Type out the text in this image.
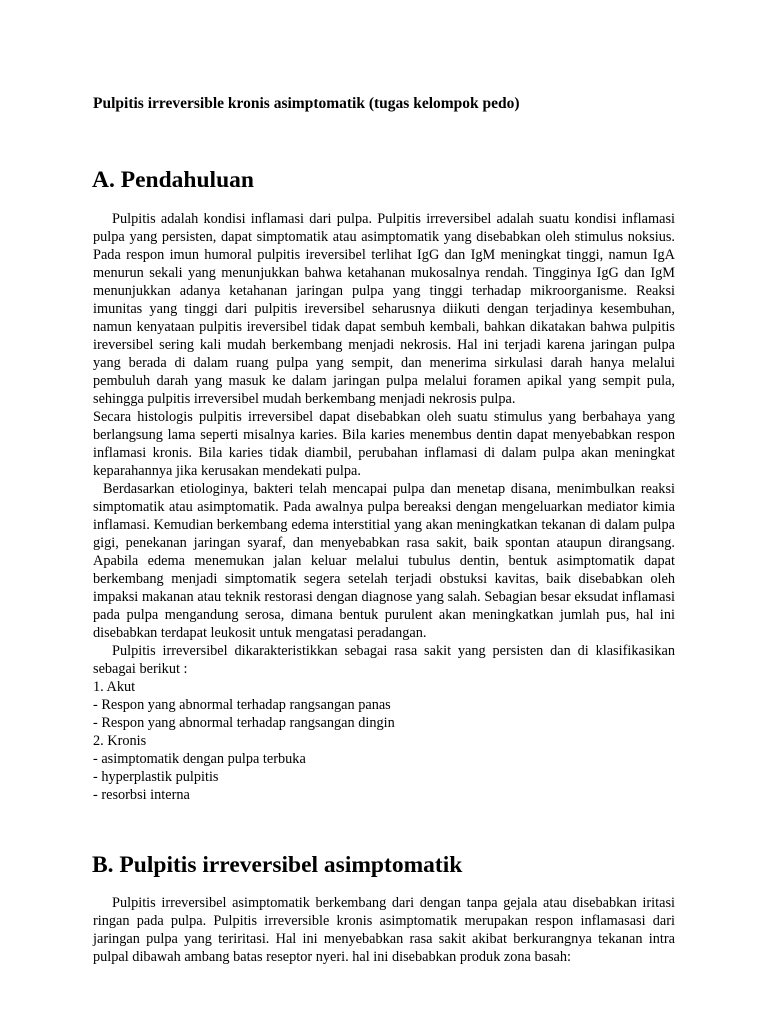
Pulpitis irreversible kronis asimptomatik (tugas kelompok pedo)
A. Pendahuluan

Pulpitis adalah kondisi inflamasi dari pulpa. Pulpitis irreversibel adalah suatu kondisi inflamasi pulpa yang persisten, dapat simptomatik atau asimptomatik yang disebabkan oleh stimulus noksius. Pada respon imun humoral pulpitis ireversibel terlihat IgG dan IgM meningkat tinggi, namun IgA menurun sekali yang menunjukkan bahwa ketahanan mukosalnya rendah. Tingginya IgG dan IgM menunjukkan adanya ketahanan jaringan pulpa yang tinggi terhadap mikroorganisme. Reaksi imunitas yang tinggi dari pulpitis ireversibel seharusnya diikuti dengan terjadinya kesembuhan, namun kenyataan pulpitis ireversibel tidak dapat sembuh kembali, bahkan dikatakan bahwa pulpitis ireversibel sering kali mudah berkembang menjadi nekrosis. Hal ini terjadi karena jaringan pulpa yang berada di dalam ruang pulpa yang sempit, dan menerima sirkulasi darah hanya melalui pembuluh darah yang masuk ke dalam jaringan pulpa melalui foramen apikal yang sempit pula, sehingga pulpitis irreversibel mudah berkembang menjadi nekrosis pulpa.

Secara histologis pulpitis irreversibel dapat disebabkan oleh suatu stimulus yang berbahaya yang berlangsung lama seperti misalnya karies. Bila karies menembus dentin dapat menyebabkan respon inflamasi kronis. Bila karies tidak diambil, perubahan inflamasi di dalam pulpa akan meningkat keparahannya jika kerusakan mendekati pulpa.

Berdasarkan etiologinya, bakteri telah mencapai pulpa dan menetap disana, menimbulkan reaksi simptomatik atau asimptomatik. Pada awalnya pulpa bereaksi dengan mengeluarkan mediator kimia inflamasi. Kemudian berkembang edema interstitial yang akan meningkatkan tekanan di dalam pulpa gigi, penekanan jaringan syaraf, dan menyebabkan rasa sakit, baik spontan ataupun dirangsang. Apabila edema menemukan jalan keluar melalui tubulus dentin, bentuk asimptomatik dapat berkembang menjadi simptomatik segera setelah terjadi obstuksi kavitas, baik disebabkan oleh impaksi makanan atau teknik restorasi dengan diagnose yang salah. Sebagian besar eksudat inflamasi pada pulpa mengandung serosa, dimana bentuk purulent akan meningkatkan jumlah pus, hal ini disebabkan terdapat leukosit untuk mengatasi peradangan.

Pulpitis irreversibel dikarakteristikkan sebagai rasa sakit yang persisten dan di klasifikasikan sebagai berikut :

1. Akut

- Respon yang abnormal terhadap rangsangan panas

- Respon yang abnormal terhadap rangsangan dingin

2. Kronis

- asimptomatik dengan pulpa terbuka

- hyperplastik pulpitis

- resorbsi interna

B. Pulpitis irreversibel asimptomatik

Pulpitis irreversibel asimptomatik berkembang dari dengan tanpa gejala atau disebabkan iritasi ringan pada pulpa. Pulpitis irreversible kronis asimptomatik merupakan respon inflamasasi dari jaringan pulpa yang teriritasi. Hal ini menyebabkan rasa sakit akibat berkurangnya tekanan intra pulpal dibawah ambang batas reseptor nyeri. hal ini disebabkan produk zona basah:
